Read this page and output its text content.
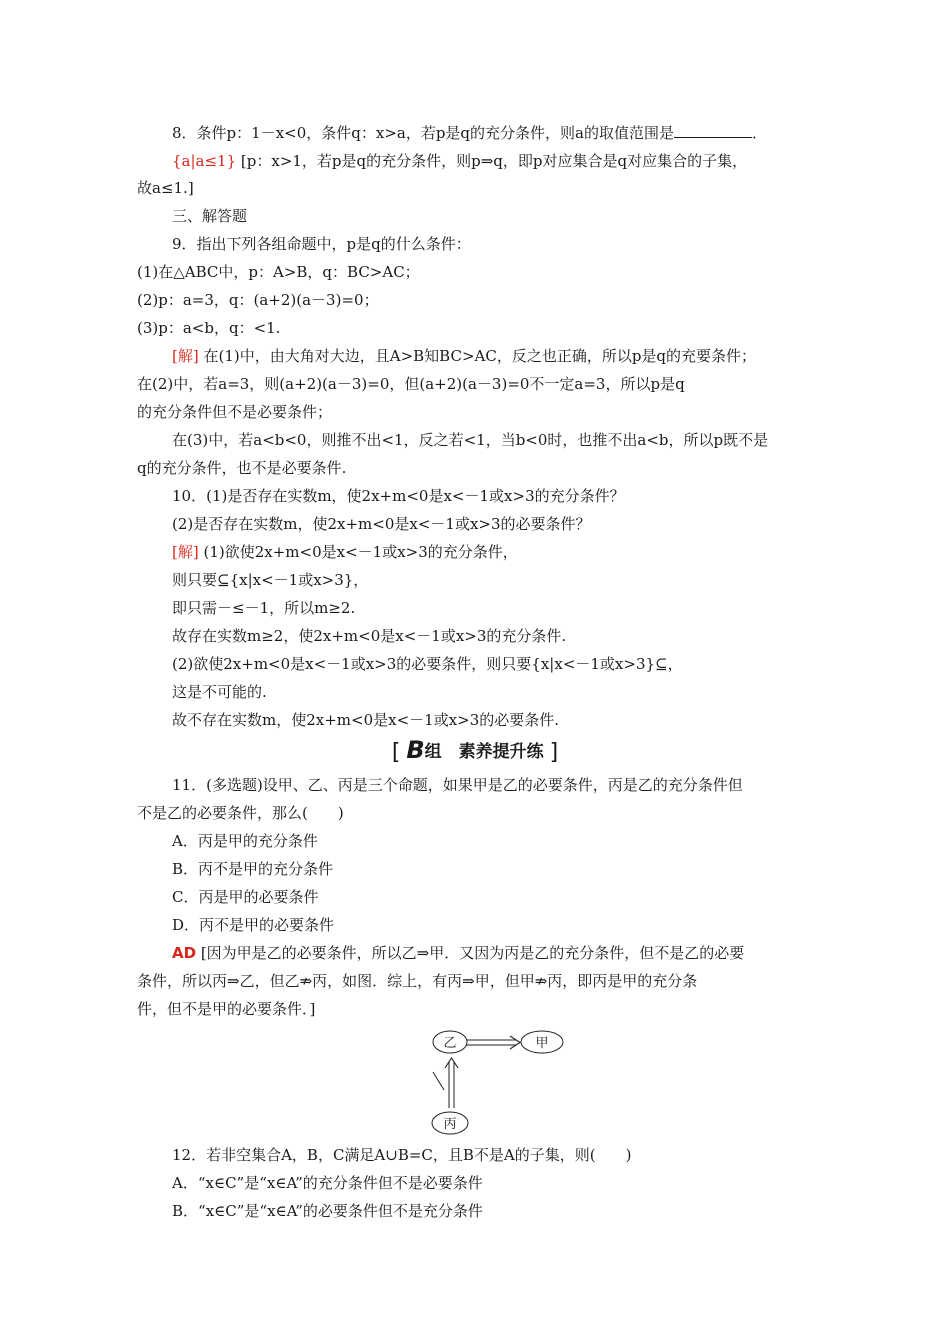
8．条件p：1－x<0，条件q：x>a，若p是q的充分条件，则a的取值范围是	．
{a|a≤1} [p：x>1，若p是q的充分条件，则p⇒q，即p对应集合是q对应集合的子集，
故a≤1.]
三、解答题
9．指出下列各组命题中，p是q的什么条件：
(1)在△ABC中，p：A>B，q：BC>AC；
(2)p：a=3，q：(a+2)(a－3)=0；
(3)p：a<b，q：<1.
[解] 在(1)中，由大角对大边，且A>B知BC>AC，反之也正确，所以p是q的充要条件；
在(2)中，若a=3，则(a+2)(a－3)=0，但(a+2)(a－3)=0不一定a=3，所以p是q
的充分条件但不是必要条件；
在(3)中，若a<b<0，则推不出<1，反之若<1，当b<0时，也推不出a<b，所以p既不是
q的充分条件，也不是必要条件.
10．(1)是否存在实数m，使2x+m<0是x<－1或x>3的充分条件？
(2)是否存在实数m，使2x+m<0是x<－1或x>3的必要条件？
[解] (1)欲使2x+m<0是x<－1或x>3的充分条件，
则只要⊆{x|x<－1或x>3}，
即只需－≤－1，所以m≥2.
故存在实数m≥2，使2x+m<0是x<－1或x>3的充分条件.
(2)欲使2x+m<0是x<－1或x>3的必要条件，则只要{x|x<－1或x>3}⊆，
这是不可能的.
故不存在实数m，使2x+m<0是x<－1或x>3的必要条件.
[ B组　素养提升练 ]
11．(多选题)设甲、乙、丙是三个命题，如果甲是乙的必要条件，丙是乙的充分条件但
不是乙的必要条件，那么(　　)
A．丙是甲的充分条件
B．丙不是甲的充分条件
C．丙是甲的必要条件
D．丙不是甲的必要条件
AD [因为甲是乙的必要条件，所以乙⇒甲．又因为丙是乙的充分条件，但不是乙的必要
条件，所以丙⇒乙，但乙⇏丙，如图．综上，有丙⇒甲，但甲⇏丙，即丙是甲的充分条
件，但不是甲的必要条件．]
乙	甲
丙
12．若非空集合A，B，C满足A∪B=C，且B不是A的子集，则(　　)
A．“x∈C”是“x∈A”的充分条件但不是必要条件
B．“x∈C”是“x∈A”的必要条件但不是充分条件
